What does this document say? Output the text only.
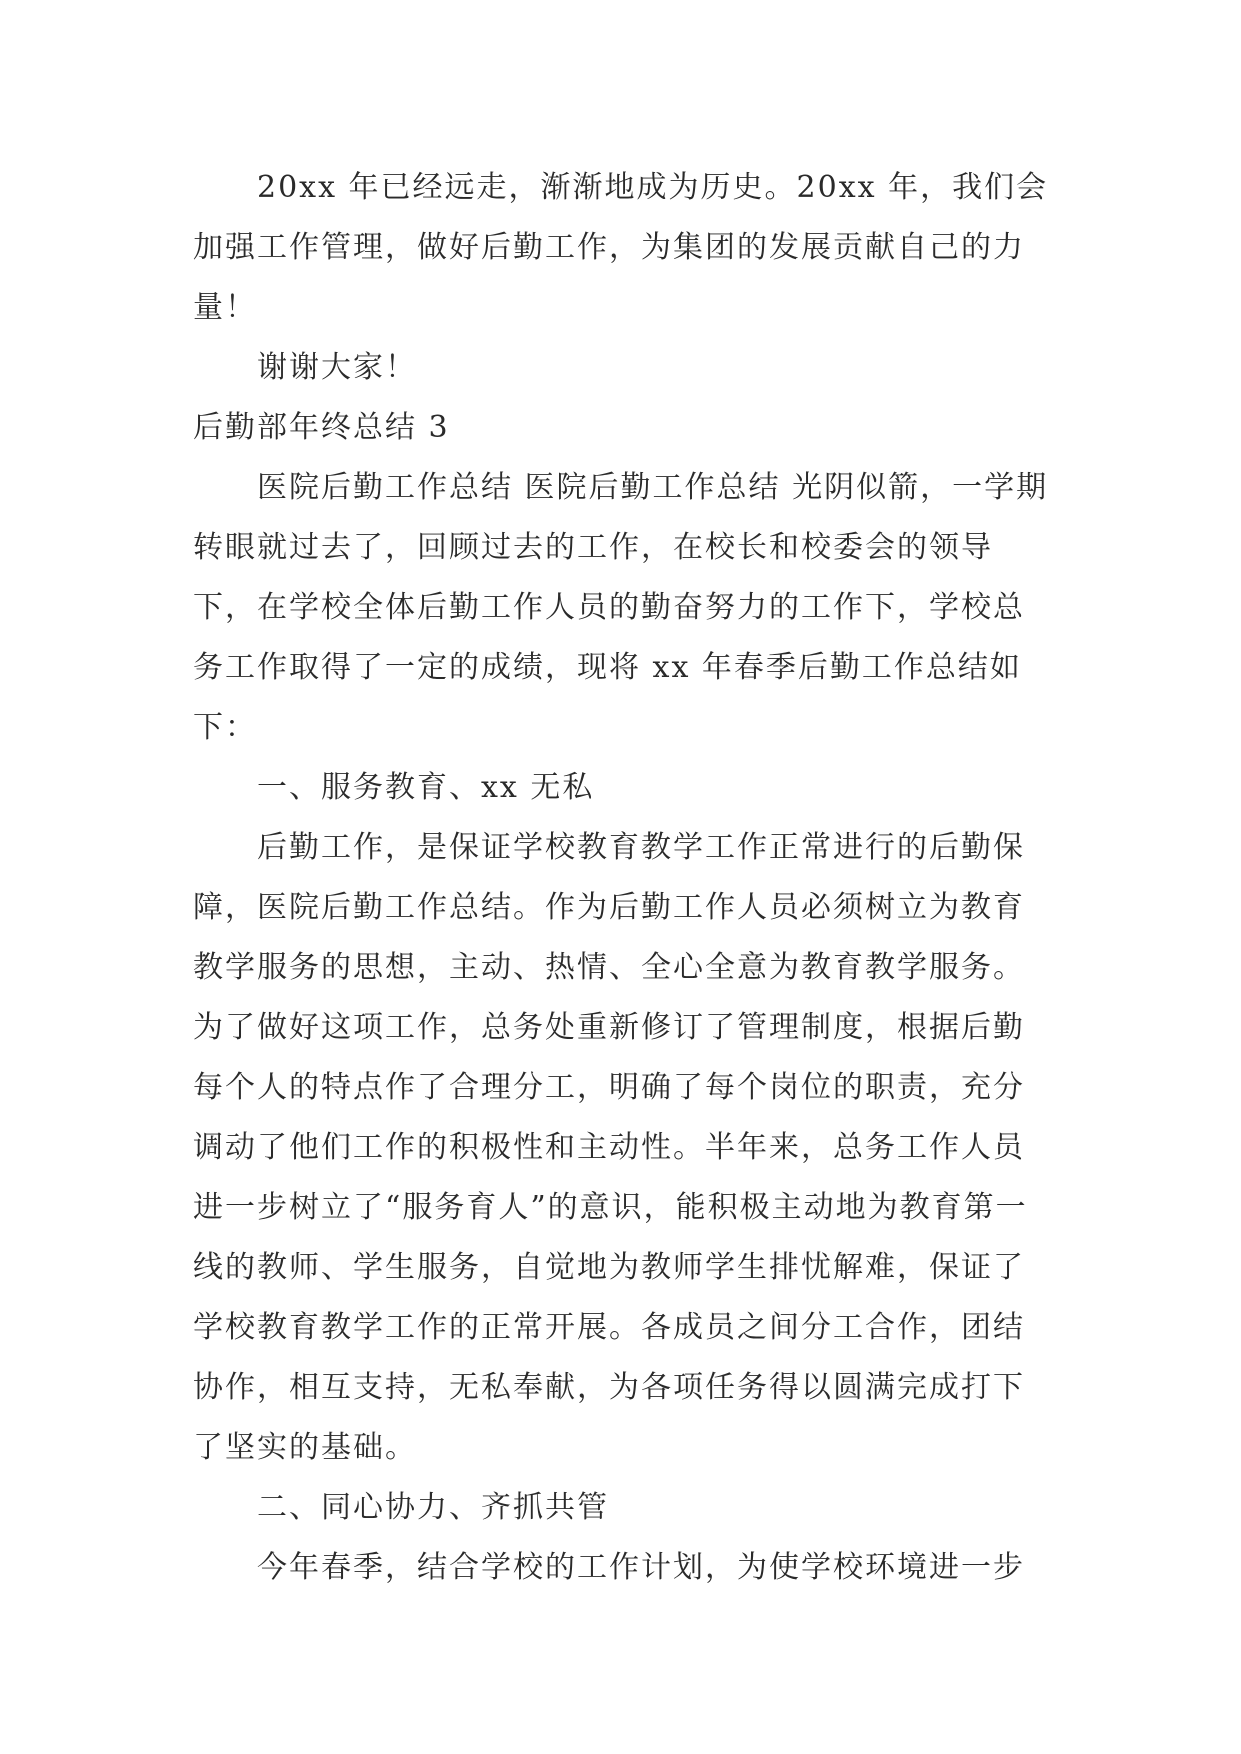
20xx 年已经远走，渐渐地成为历史。20xx 年，我们会加强工作管理，做好后勤工作，为集团的发展贡献自己的力量！

谢谢大家！

后勤部年终总结 3

医院后勤工作总结 医院后勤工作总结 光阴似箭，一学期转眼就过去了，回顾过去的工作，在校长和校委会的领导下，在学校全体后勤工作人员的勤奋努力的工作下，学校总务工作取得了一定的成绩，现将 xx 年春季后勤工作总结如下：

一、服务教育、xx 无私

后勤工作，是保证学校教育教学工作正常进行的后勤保障，医院后勤工作总结。作为后勤工作人员必须树立为教育教学服务的思想，主动、热情、全心全意为教育教学服务。为了做好这项工作，总务处重新修订了管理制度，根据后勤每个人的特点作了合理分工，明确了每个岗位的职责，充分调动了他们工作的积极性和主动性。半年来，总务工作人员进一步树立了“服务育人”的意识，能积极主动地为教育第一线的教师、学生服务，自觉地为教师学生排忧解难，保证了学校教育教学工作的正常开展。各成员之间分工合作，团结协作，相互支持，无私奉献，为各项任务得以圆满完成打下了坚实的基础。

二、同心协力、齐抓共管

今年春季，结合学校的工作计划，为使学校环境进一步
